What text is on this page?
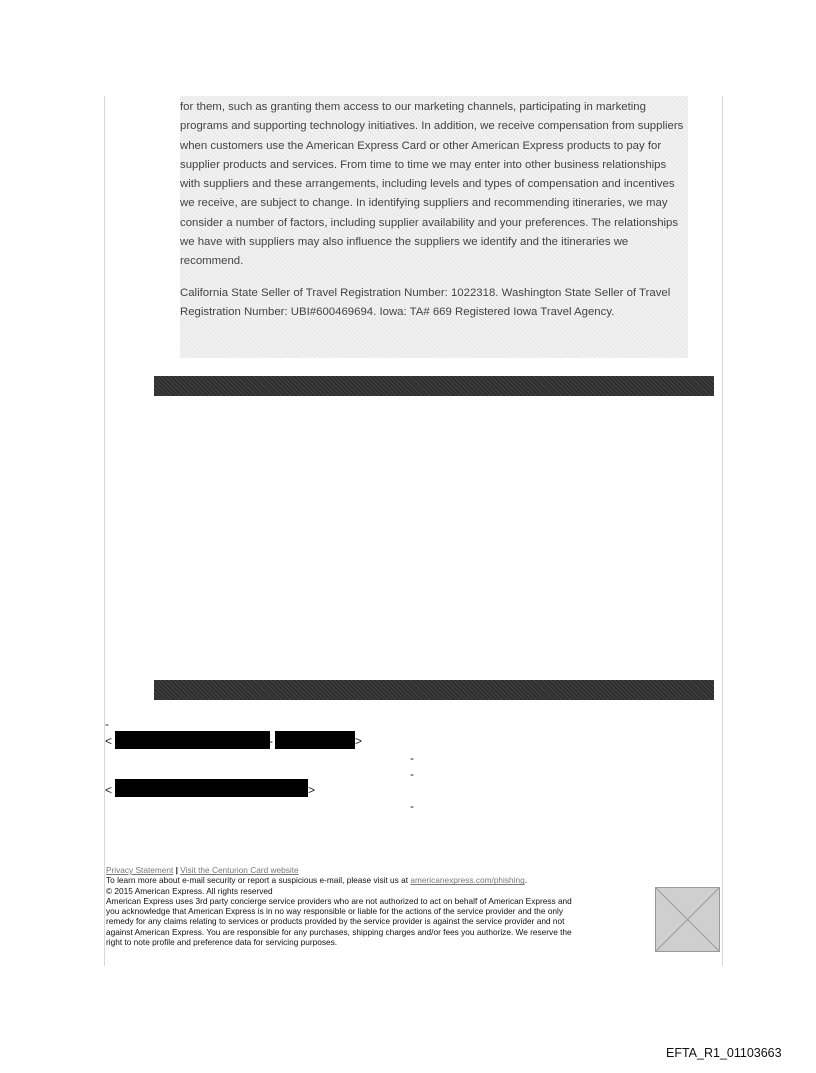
for them, such as granting them access to our marketing channels, participating in marketing programs and supporting technology initiatives. In addition, we receive compensation from suppliers when customers use the American Express Card or other American Express products to pay for supplier products and services. From time to time we may enter into other business relationships with suppliers and these arrangements, including levels and types of compensation and incentives we receive, are subject to change. In identifying suppliers and recommending itineraries, we may consider a number of factors, including supplier availability and your preferences. The relationships we have with suppliers may also influence the suppliers we identify and the itineraries we recommend.

California State Seller of Travel Registration Number: 1022318. Washington State Seller of Travel Registration Number: UBI#600469694. Iowa: TA# 669 Registered Iowa Travel Agency.

-
<	-	>
-
-
<	>
-
Privacy Statement | Visit the Centurion Card website
To learn more about e-mail security or report a suspicious e-mail, please visit us at americanexpress.com/phishing.
© 2015 American Express. All rights reserved
American Express uses 3rd party concierge service providers who are not authorized to act on behalf of American Express and
you acknowledge that American Express is in no way responsible or liable for the actions of the service provider and the only
remedy for any claims relating to services or products provided by the service provider is against the service provider and not
against American Express. You are responsible for any purchases, shipping charges and/or fees you authorize. We reserve the
right to note profile and preference data for servicing purposes.
EFTA_R1_01103663
